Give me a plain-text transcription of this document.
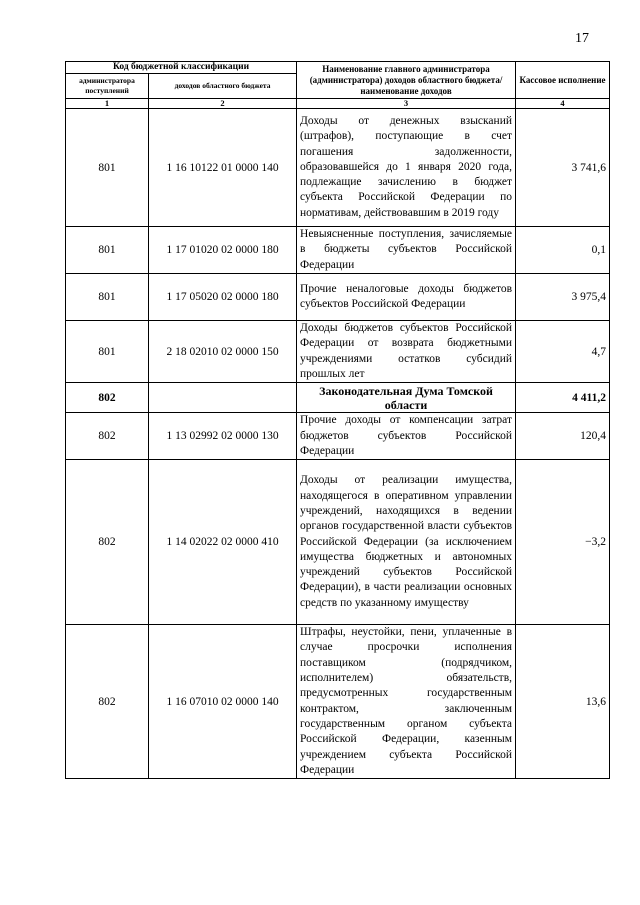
17
Код бюджетной классификации		Наименование главного администратора (администратора) доходов областного бюджета/ наименование доходов	Кассовое исполнение
администратора поступлений	доходов областного бюджета		
1	2	3	4
801	1 16 10122 01 0000 140	Доходы от денежных взысканий (штрафов), поступающие в счет погашения задолженности, образовавшейся до 1 января 2020 года, подлежащие зачислению в бюджет субъекта Российской Федерации по нормативам, действовавшим в 2019 году	3 741,6
801	1 17 01020 02 0000 180	Невыясненные поступления, зачисляемые в бюджеты субъектов Российской Федерации	0,1
801	1 17 05020 02 0000 180	Прочие неналоговые доходы бюджетов субъектов Российской Федерации	3 975,4
801	2 18 02010 02 0000 150	Доходы бюджетов субъектов Российской Федерации от возврата бюджетными учреждениями остатков субсидий прошлых лет	4,7
802		Законодательная Дума Томской области	4 411,2
802	1 13 02992 02 0000 130	Прочие доходы от компенсации затрат бюджетов субъектов Российской Федерации	120,4
802	1 14 02022 02 0000 410	Доходы от реализации имущества, находящегося в оперативном управлении учреждений, находящихся в ведении органов государственной власти субъектов Российской Федерации (за исключением имущества бюджетных и автономных учреждений субъектов Российской Федерации), в части реализации основных средств по указанному имуществу	−3,2
802	1 16 07010 02 0000 140	Штрафы, неустойки, пени, уплаченные в случае просрочки исполнения поставщиком (подрядчиком, исполнителем) обязательств, предусмотренных государственным контрактом, заключенным государственным органом субъекта Российской Федерации, казенным учреждением субъекта Российской Федерации	13,6
